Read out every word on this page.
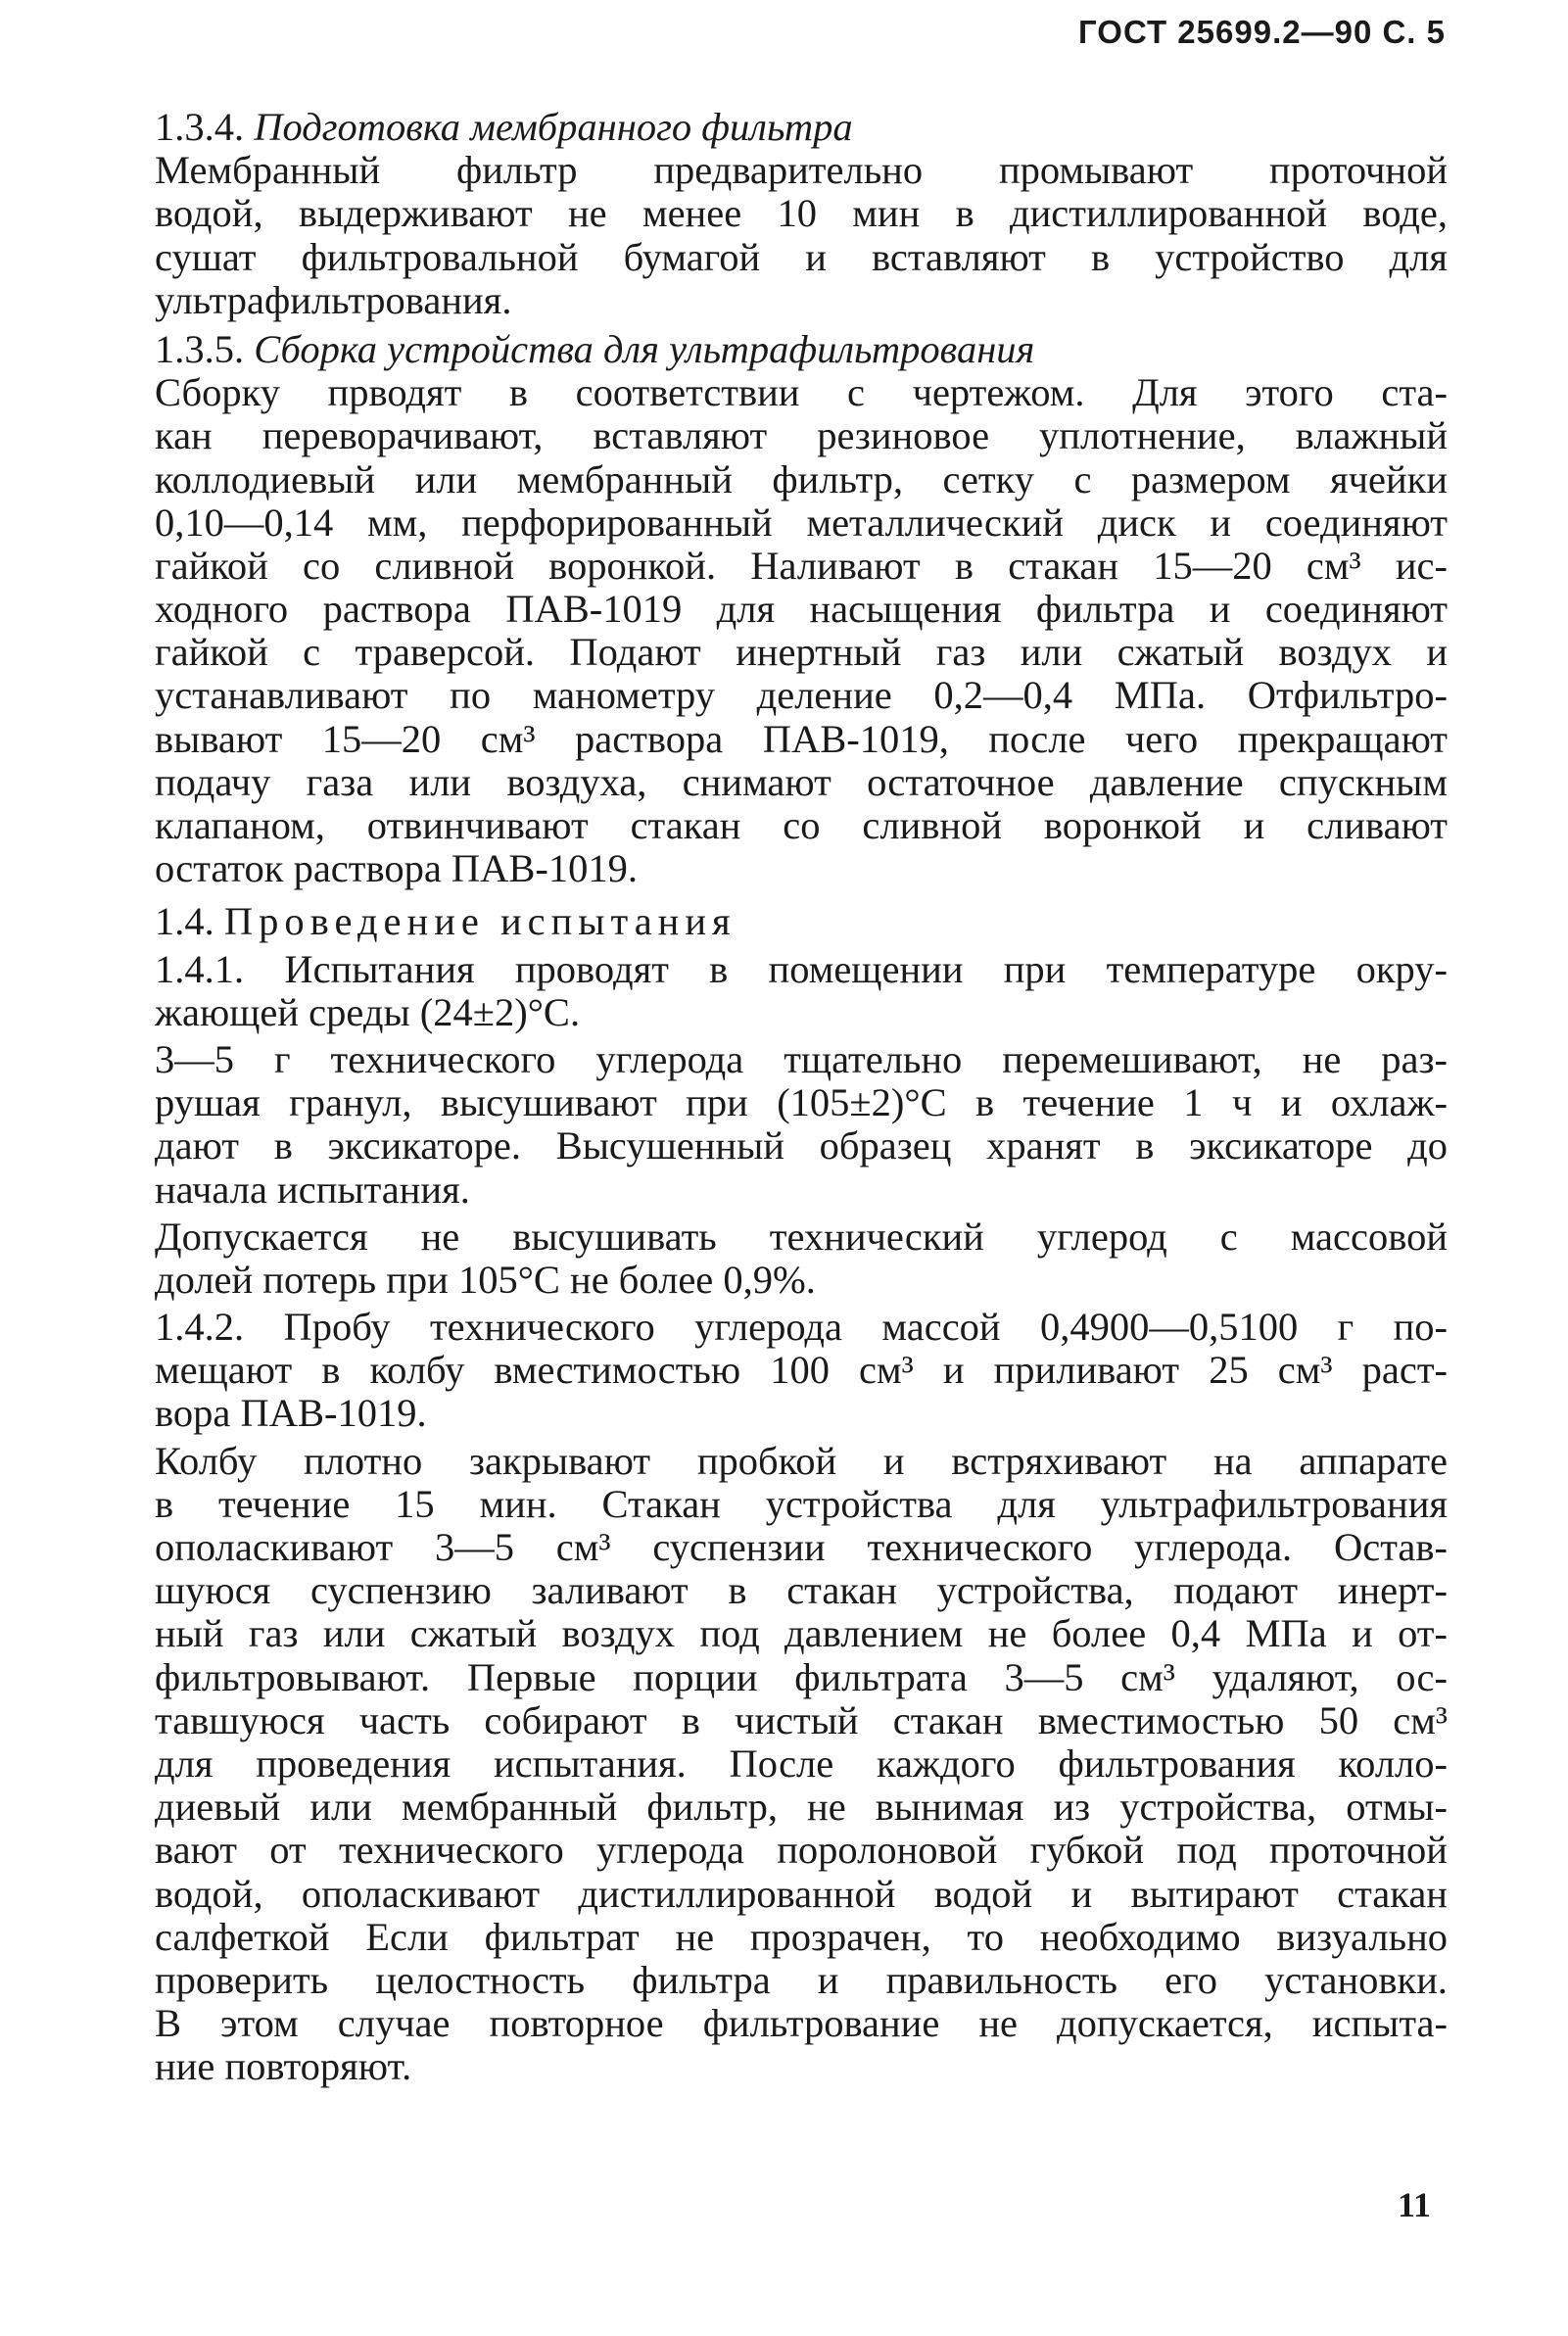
ГОСТ 25699.2—90 С. 5
1.3.4. Подготовка мембранного фильтра
Мембранный фильтр предварительно промывают проточной
водой, выдерживают не менее 10 мин в дистиллированной воде,
сушат фильтровальной бумагой и вставляют в устройство для
ультрафильтрования.
1.3.5. Сборка устройства для ультрафильтрования
Сборку прводят в соответствии с чертежом. Для этого ста-
кан переворачивают, вставляют резиновое уплотнение, влажный
коллодиевый или мембранный фильтр, сетку с размером ячейки
0,10—0,14 мм, перфорированный металлический диск и соединяют
гайкой со сливной воронкой. Наливают в стакан 15—20 см³ ис-
ходного раствора ПАВ-1019 для насыщения фильтра и соединяют
гайкой с траверсой. Подают инертный газ или сжатый воздух и
устанавливают по манометру деление 0,2—0,4 МПа. Отфильтро-
вывают 15—20 см³ раствора ПАВ-1019, после чего прекращают
подачу газа или воздуха, снимают остаточное давление спускным
клапаном, отвинчивают стакан со сливной воронкой и сливают
остаток раствора ПАВ-1019.
1.4. Проведение испытания
1.4.1. Испытания проводят в помещении при температуре окру-
жающей среды (24±2)°С.
3—5 г технического углерода тщательно перемешивают, не раз-
рушая гранул, высушивают при (105±2)°С в течение 1 ч и охлаж-
дают в эксикаторе. Высушенный образец хранят в эксикаторе до
начала испытания.
Допускается не высушивать технический углерод с массовой
долей потерь при 105°С не более 0,9%.
1.4.2. Пробу технического углерода массой 0,4900—0,5100 г по-
мещают в колбу вместимостью 100 см³ и приливают 25 см³ раст-
вора ПАВ-1019.
Колбу плотно закрывают пробкой и встряхивают на аппарате
в течение 15 мин. Стакан устройства для ультрафильтрования
ополаскивают 3—5 см³ суспензии технического углерода. Остав-
шуюся суспензию заливают в стакан устройства, подают инерт-
ный газ или сжатый воздух под давлением не более 0,4 МПа и от-
фильтровывают. Первые порции фильтрата 3—5 см³ удаляют, ос-
тавшуюся часть собирают в чистый стакан вместимостью 50 см³
для проведения испытания. После каждого фильтрования колло-
диевый или мембранный фильтр, не вынимая из устройства, отмы-
вают от технического углерода поролоновой губкой под проточной
водой, ополаскивают дистиллированной водой и вытирают стакан
салфеткой Если фильтрат не прозрачен, то необходимо визуально
проверить целостность фильтра и правильность его установки.
В этом случае повторное фильтрование не допускается, испыта-
ние повторяют.
11
